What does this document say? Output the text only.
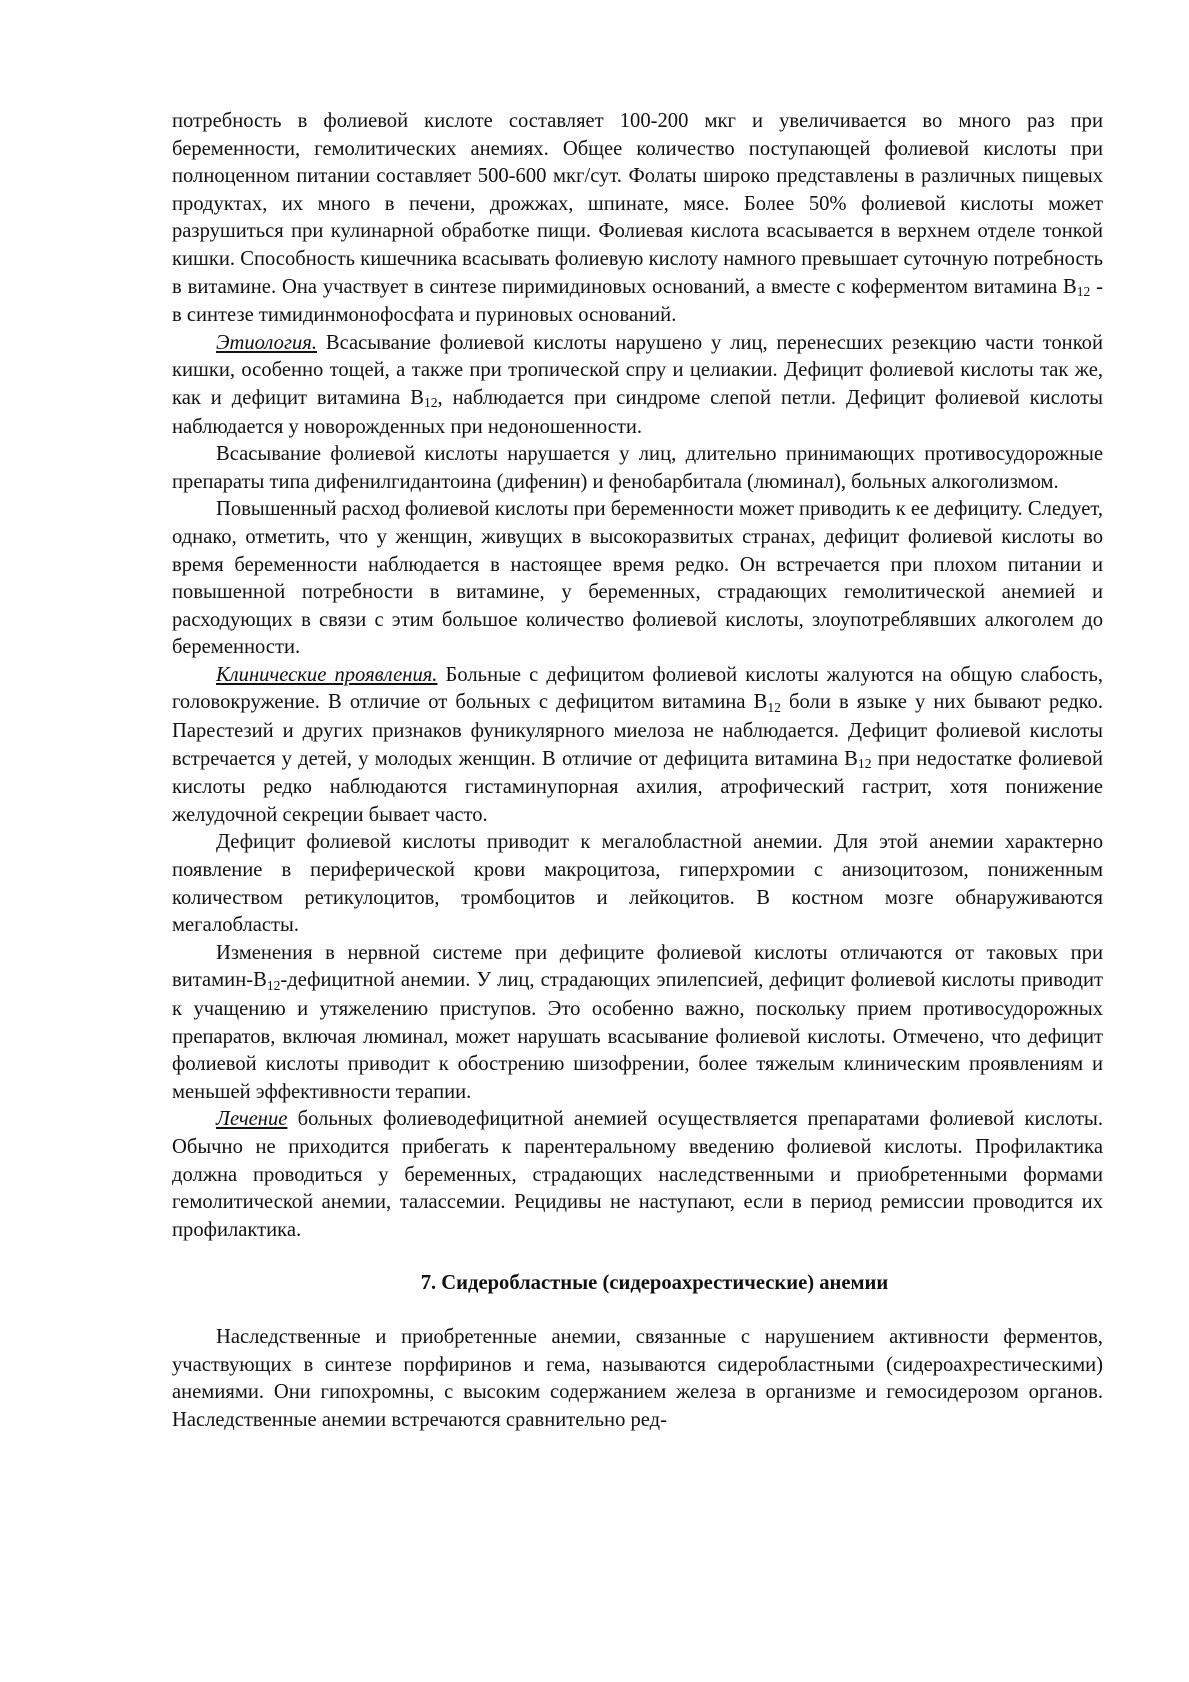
потребность в фолиевой кислоте составляет 100-200 мкг и увеличивается во много раз при беременности, гемолитических анемиях. Общее количество поступающей фолиевой кислоты при полноценном питании составляет 500-600 мкг/сут. Фолаты широко представлены в различных пищевых продуктах, их много в печени, дрожжах, шпинате, мясе. Более 50% фолиевой кислоты может разрушиться при кулинарной обработке пищи. Фолиевая кислота всасывается в верхнем отделе тонкой кишки. Способность кишечника всасывать фолиевую кислоту намного превышает суточную потребность в витамине. Она участвует в синтезе пиримидиновых оснований, а вместе с коферментом витамина $В_{12}$ - в синтезе тимидинмонофосфата и пуриновых оснований.

Этиология. Всасывание фолиевой кислоты нарушено у лиц, перенесших резекцию части тонкой кишки, особенно тощей, а также при тропической спру и целиакии. Дефицит фолиевой кислоты так же, как и дефицит витамина $В_{12}$, наблюдается при синдроме слепой петли. Дефицит фолиевой кислоты наблюдается у новорожденных при недоношенности.

Всасывание фолиевой кислоты нарушается у лиц, длительно принимающих противосудорожные препараты типа дифенилгидантоина (дифенин) и фенобарбитала (люминал), больных алкоголизмом.

Повышенный расход фолиевой кислоты при беременности может приводить к ее дефициту. Следует, однако, отметить, что у женщин, живущих в высокоразвитых странах, дефицит фолиевой кислоты во время беременности наблюдается в настоящее время редко. Он встречается при плохом питании и повышенной потребности в витамине, у беременных, страдающих гемолитической анемией и расходующих в связи с этим большое количество фолиевой кислоты, злоупотреблявших алкоголем до беременности.

Клинические проявления. Больные с дефицитом фолиевой кислоты жалуются на общую слабость, головокружение. В отличие от больных с дефицитом витамина $В_{12}$ боли в языке у них бывают редко. Парестезий и других признаков фуникулярного миелоза не наблюдается. Дефицит фолиевой кислоты встречается у детей, у молодых женщин. В отличие от дефицита витамина $В_{12}$ при недостатке фолиевой кислоты редко наблюдаются гистаминупорная ахилия, атрофический гастрит, хотя понижение желудочной секреции бывает часто.

Дефицит фолиевой кислоты приводит к мегалобластной анемии. Для этой анемии характерно появление в периферической крови макроцитоза, гиперхромии с анизоцитозом, пониженным количеством ретикулоцитов, тромбоцитов и лейкоцитов. В костном мозге обнаруживаются мегалобласты.

Изменения в нервной системе при дефиците фолиевой кислоты отличаются от таковых при витамин-$В_{12}$-дефицитной анемии. У лиц, страдающих эпилепсией, дефицит фолиевой кислоты приводит к учащению и утяжелению приступов. Это особенно важно, поскольку прием противосудорожных препаратов, включая люминал, может нарушать всасывание фолиевой кислоты. Отмечено, что дефицит фолиевой кислоты приводит к обострению шизофрении, более тяжелым клиническим проявлениям и меньшей эффективности терапии.

Лечение больных фолиеводефицитной анемией осуществляется препаратами фолиевой кислоты. Обычно не приходится прибегать к парентеральному введению фолиевой кислоты. Профилактика должна проводиться у беременных, страдающих наследственными и приобретенными формами гемолитической анемии, талассемии. Рецидивы не наступают, если в период ремиссии проводится их профилактика.

7. Сидеробластные (сидероахрестические) анемии

Наследственные и приобретенные анемии, связанные с нарушением активности ферментов, участвующих в синтезе порфиринов и гема, называются сидеробластными (сидероахрестическими) анемиями. Они гипохромны, с высоким содержанием железа в организме и гемосидерозом органов. Наследственные анемии встречаются сравнительно ред-
